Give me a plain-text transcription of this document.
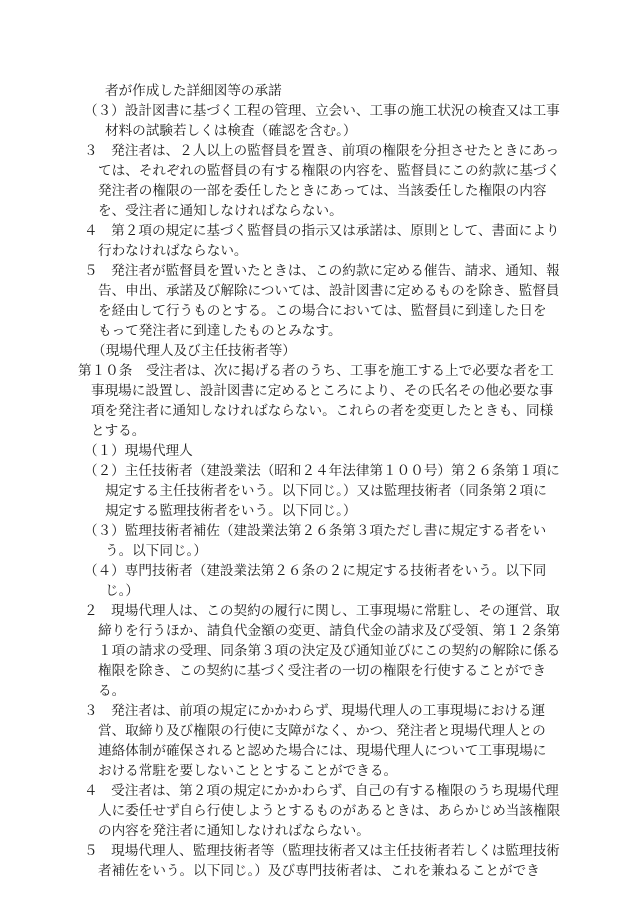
者が作成した詳細図等の承諾
（３）設計図書に基づく工程の管理、立会い、工事の施工状況の検査又は工事
材料の試験若しくは検査（確認を含む。）
３　発注者は、２人以上の監督員を置き、前項の権限を分担させたときにあっ
ては、それぞれの監督員の有する権限の内容を、監督員にこの約款に基づく
発注者の権限の一部を委任したときにあっては、当該委任した権限の内容
を、受注者に通知しなければならない。
４　第２項の規定に基づく監督員の指示又は承諾は、原則として、書面により
行わなければならない。
５　発注者が監督員を置いたときは、この約款に定める催告、請求、通知、報
告、申出、承諾及び解除については、設計図書に定めるものを除き、監督員
を経由して行うものとする。この場合においては、監督員に到達した日を
もって発注者に到達したものとみなす。
（現場代理人及び主任技術者等）
第１０条　受注者は、次に掲げる者のうち、工事を施工する上で必要な者を工
事現場に設置し、設計図書に定めるところにより、その氏名その他必要な事
項を発注者に通知しなければならない。これらの者を変更したときも、同様
とする。
（１）現場代理人
（２）主任技術者（建設業法（昭和２４年法律第１００号）第２６条第１項に
規定する主任技術者をいう。以下同じ。）又は監理技術者（同条第２項に
規定する監理技術者をいう。以下同じ。）
（３）監理技術者補佐（建設業法第２６条第３項ただし書に規定する者をい
う。以下同じ。）
（４）専門技術者（建設業法第２６条の２に規定する技術者をいう。以下同
じ。）
２　現場代理人は、この契約の履行に関し、工事現場に常駐し、その運営、取
締りを行うほか、請負代金額の変更、請負代金の請求及び受領、第１２条第
１項の請求の受理、同条第３項の決定及び通知並びにこの契約の解除に係る
権限を除き、この契約に基づく受注者の一切の権限を行使することができ
る。
３　発注者は、前項の規定にかかわらず、現場代理人の工事現場における運
営、取締り及び権限の行使に支障がなく、かつ、発注者と現場代理人との
連絡体制が確保されると認めた場合には、現場代理人について工事現場に
おける常駐を要しないこととすることができる。
４　受注者は、第２項の規定にかかわらず、自己の有する権限のうち現場代理
人に委任せず自ら行使しようとするものがあるときは、あらかじめ当該権限
の内容を発注者に通知しなければならない。
５　現場代理人、監理技術者等（監理技術者又は主任技術者若しくは監理技術
者補佐をいう。以下同じ。）及び専門技術者は、これを兼ねることができ
